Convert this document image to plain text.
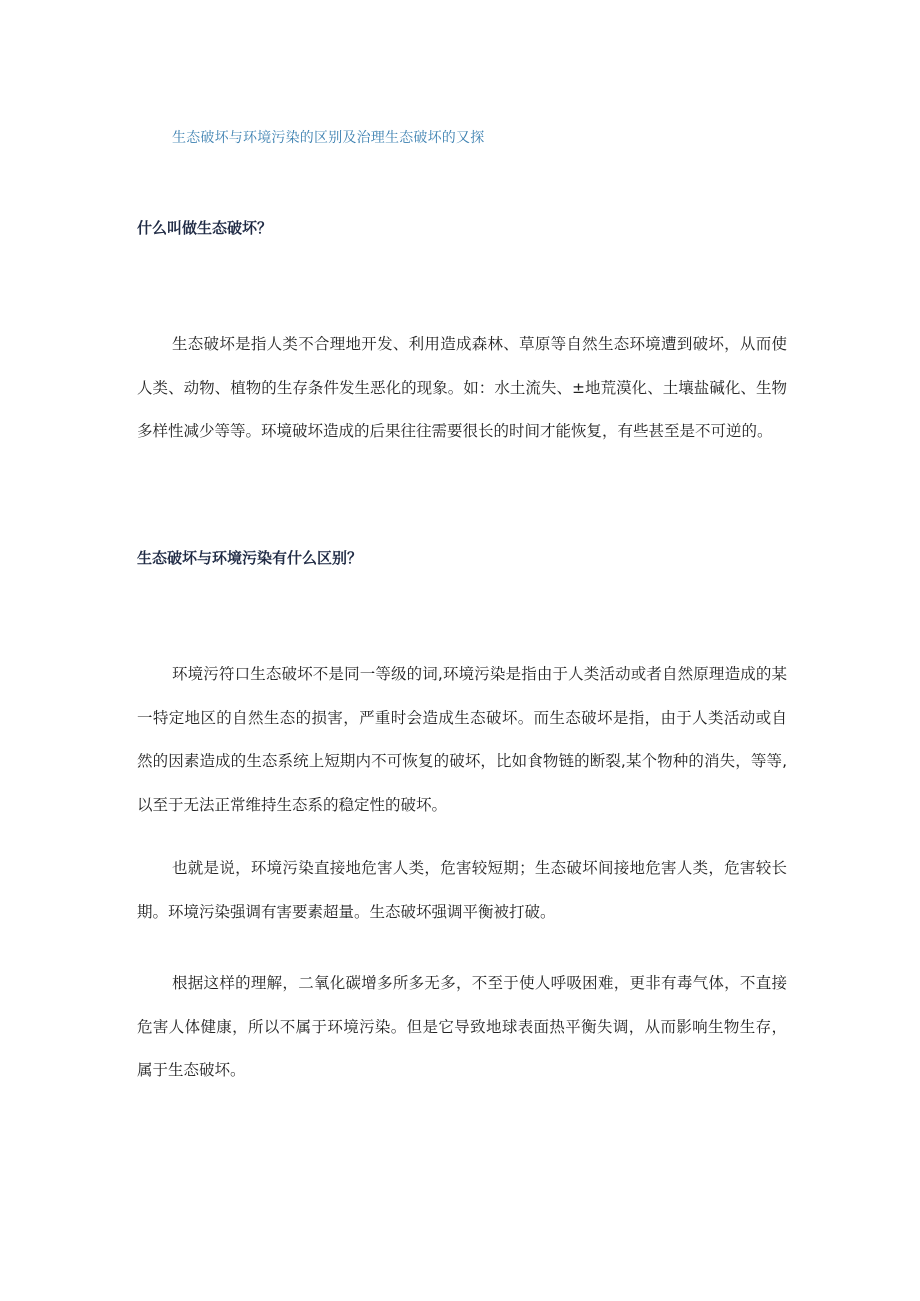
生态破坏与环境污染的区别及治理生态破坏的又探
什么叫做生态破坏？
生态破坏是指人类不合理地开发、利用造成森林、草原等自然生态环境遭到破坏，从而使人类、动物、植物的生存条件发生恶化的现象。如：水土流失、±地荒漠化、土壤盐碱化、生物多样性减少等等。环境破坏造成的后果往往需要很长的时间才能恢复，有些甚至是不可逆的。
生态破坏与环境污染有什么区别？
环境污符口生态破坏不是同一等级的词,环境污染是指由于人类活动或者自然原理造成的某一特定地区的自然生态的损害，严重时会造成生态破坏。而生态破坏是指，由于人类活动或自然的因素造成的生态系统上短期内不可恢复的破坏，比如食物链的断裂,某个物种的消失，等等,以至于无法正常维持生态系的稳定性的破坏。
也就是说，环境污染直接地危害人类，危害较短期；生态破坏间接地危害人类，危害较长期。环境污染强调有害要素超量。生态破坏强调平衡被打破。
根据这样的理解，二氧化碳增多所多无多，不至于使人呼吸困难，更非有毒气体，不直接危害人体健康，所以不属于环境污染。但是它导致地球表面热平衡失调，从而影响生物生存，属于生态破坏。
